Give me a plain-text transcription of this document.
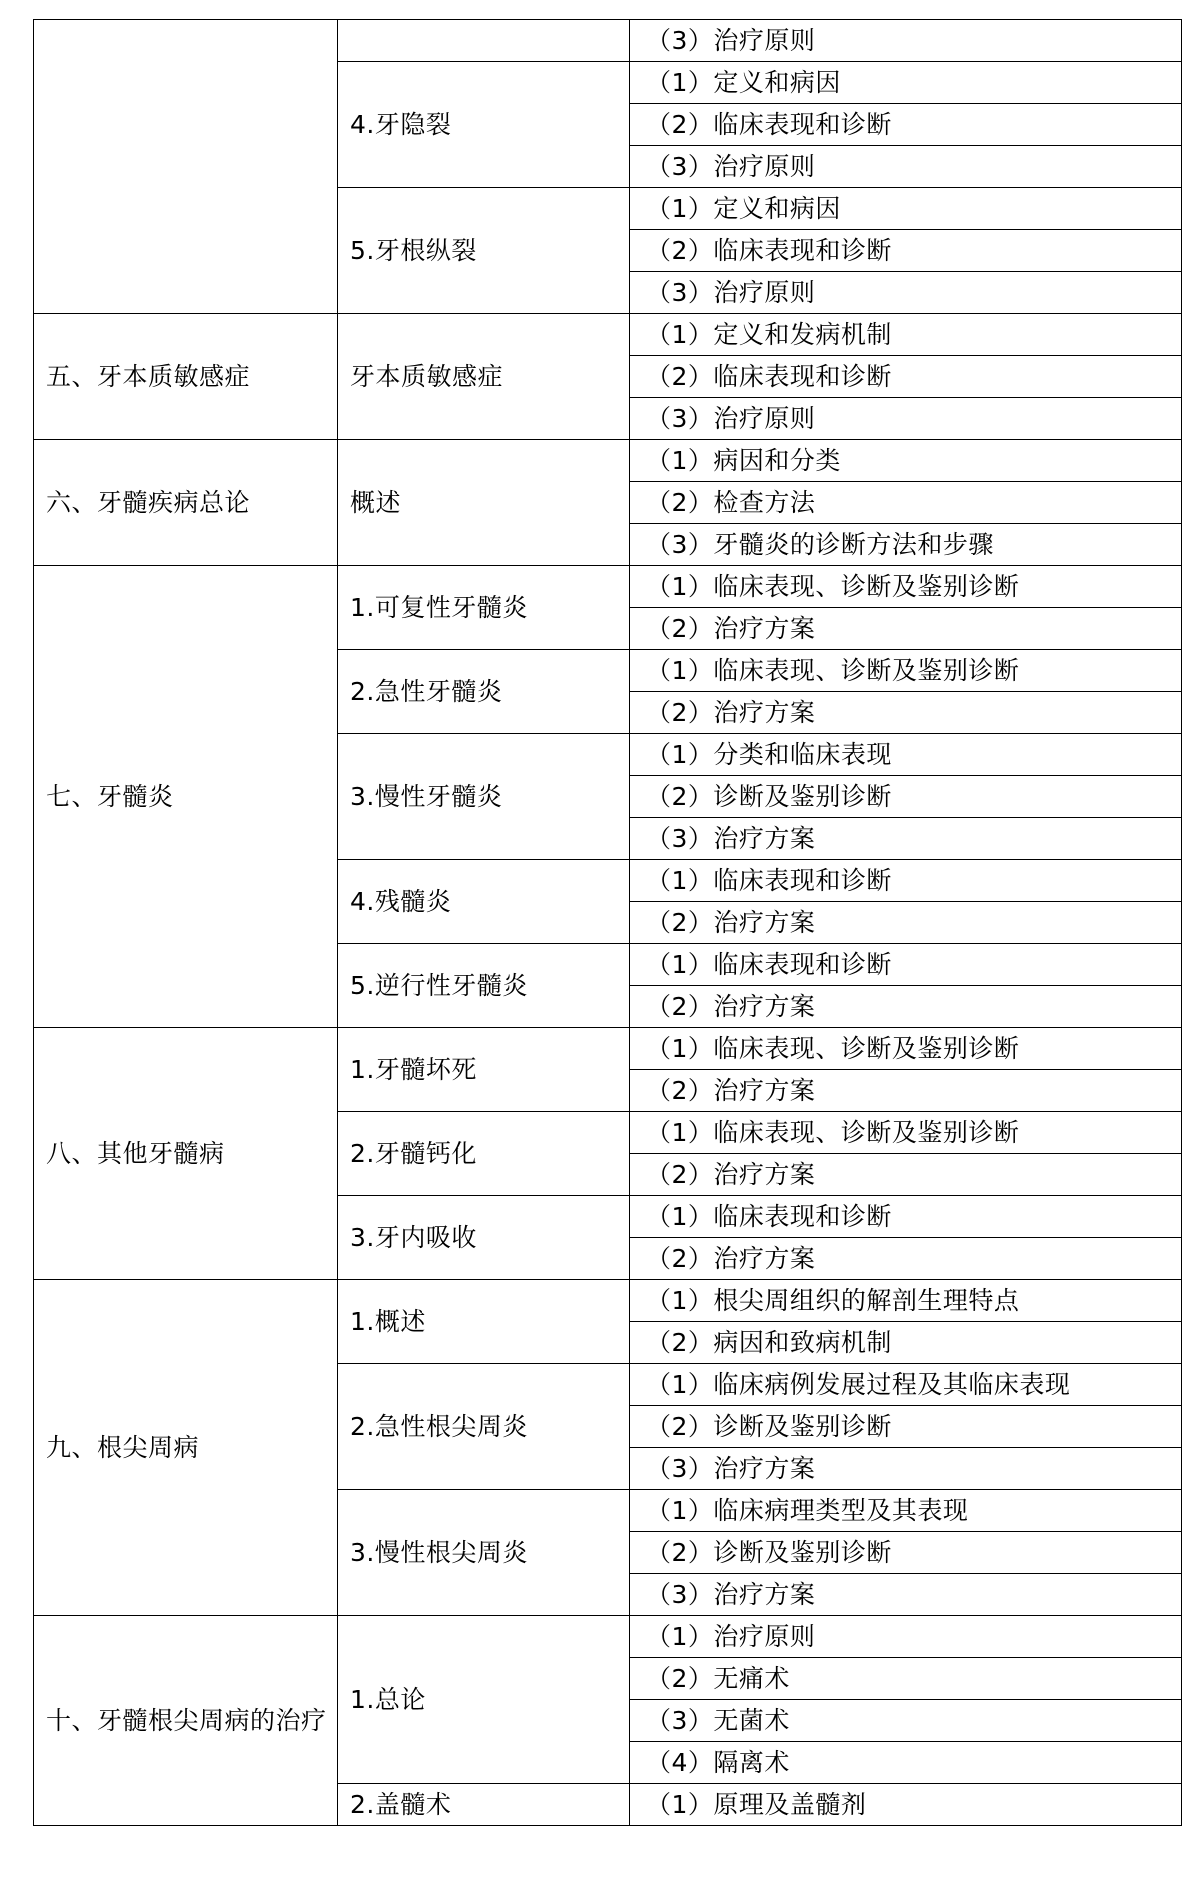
		（3）治疗原则
	4.牙隐裂	（1）定义和病因
		（2）临床表现和诊断
		（3）治疗原则
	5.牙根纵裂	（1）定义和病因
		（2）临床表现和诊断
		（3）治疗原则
五、牙本质敏感症	牙本质敏感症	（1）定义和发病机制
		（2）临床表现和诊断
		（3）治疗原则
六、牙髓疾病总论	概述	（1）病因和分类
		（2）检查方法
		（3）牙髓炎的诊断方法和步骤
七、牙髓炎	1.可复性牙髓炎	（1）临床表现、诊断及鉴别诊断
		（2）治疗方案
	2.急性牙髓炎	（1）临床表现、诊断及鉴别诊断
		（2）治疗方案
	3.慢性牙髓炎	（1）分类和临床表现
		（2）诊断及鉴别诊断
		（3）治疗方案
	4.残髓炎	（1）临床表现和诊断
		（2）治疗方案
	5.逆行性牙髓炎	（1）临床表现和诊断
		（2）治疗方案
八、其他牙髓病	1.牙髓坏死	（1）临床表现、诊断及鉴别诊断
		（2）治疗方案
	2.牙髓钙化	（1）临床表现、诊断及鉴别诊断
		（2）治疗方案
	3.牙内吸收	（1）临床表现和诊断
		（2）治疗方案
九、根尖周病	1.概述	（1）根尖周组织的解剖生理特点
		（2）病因和致病机制
	2.急性根尖周炎	（1）临床病例发展过程及其临床表现
		（2）诊断及鉴别诊断
		（3）治疗方案
	3.慢性根尖周炎	（1）临床病理类型及其表现
		（2）诊断及鉴别诊断
		（3）治疗方案
十、牙髓根尖周病的治疗	1.总论	（1）治疗原则
		（2）无痛术
		（3）无菌术
		（4）隔离术
	2.盖髓术	（1）原理及盖髓剂
